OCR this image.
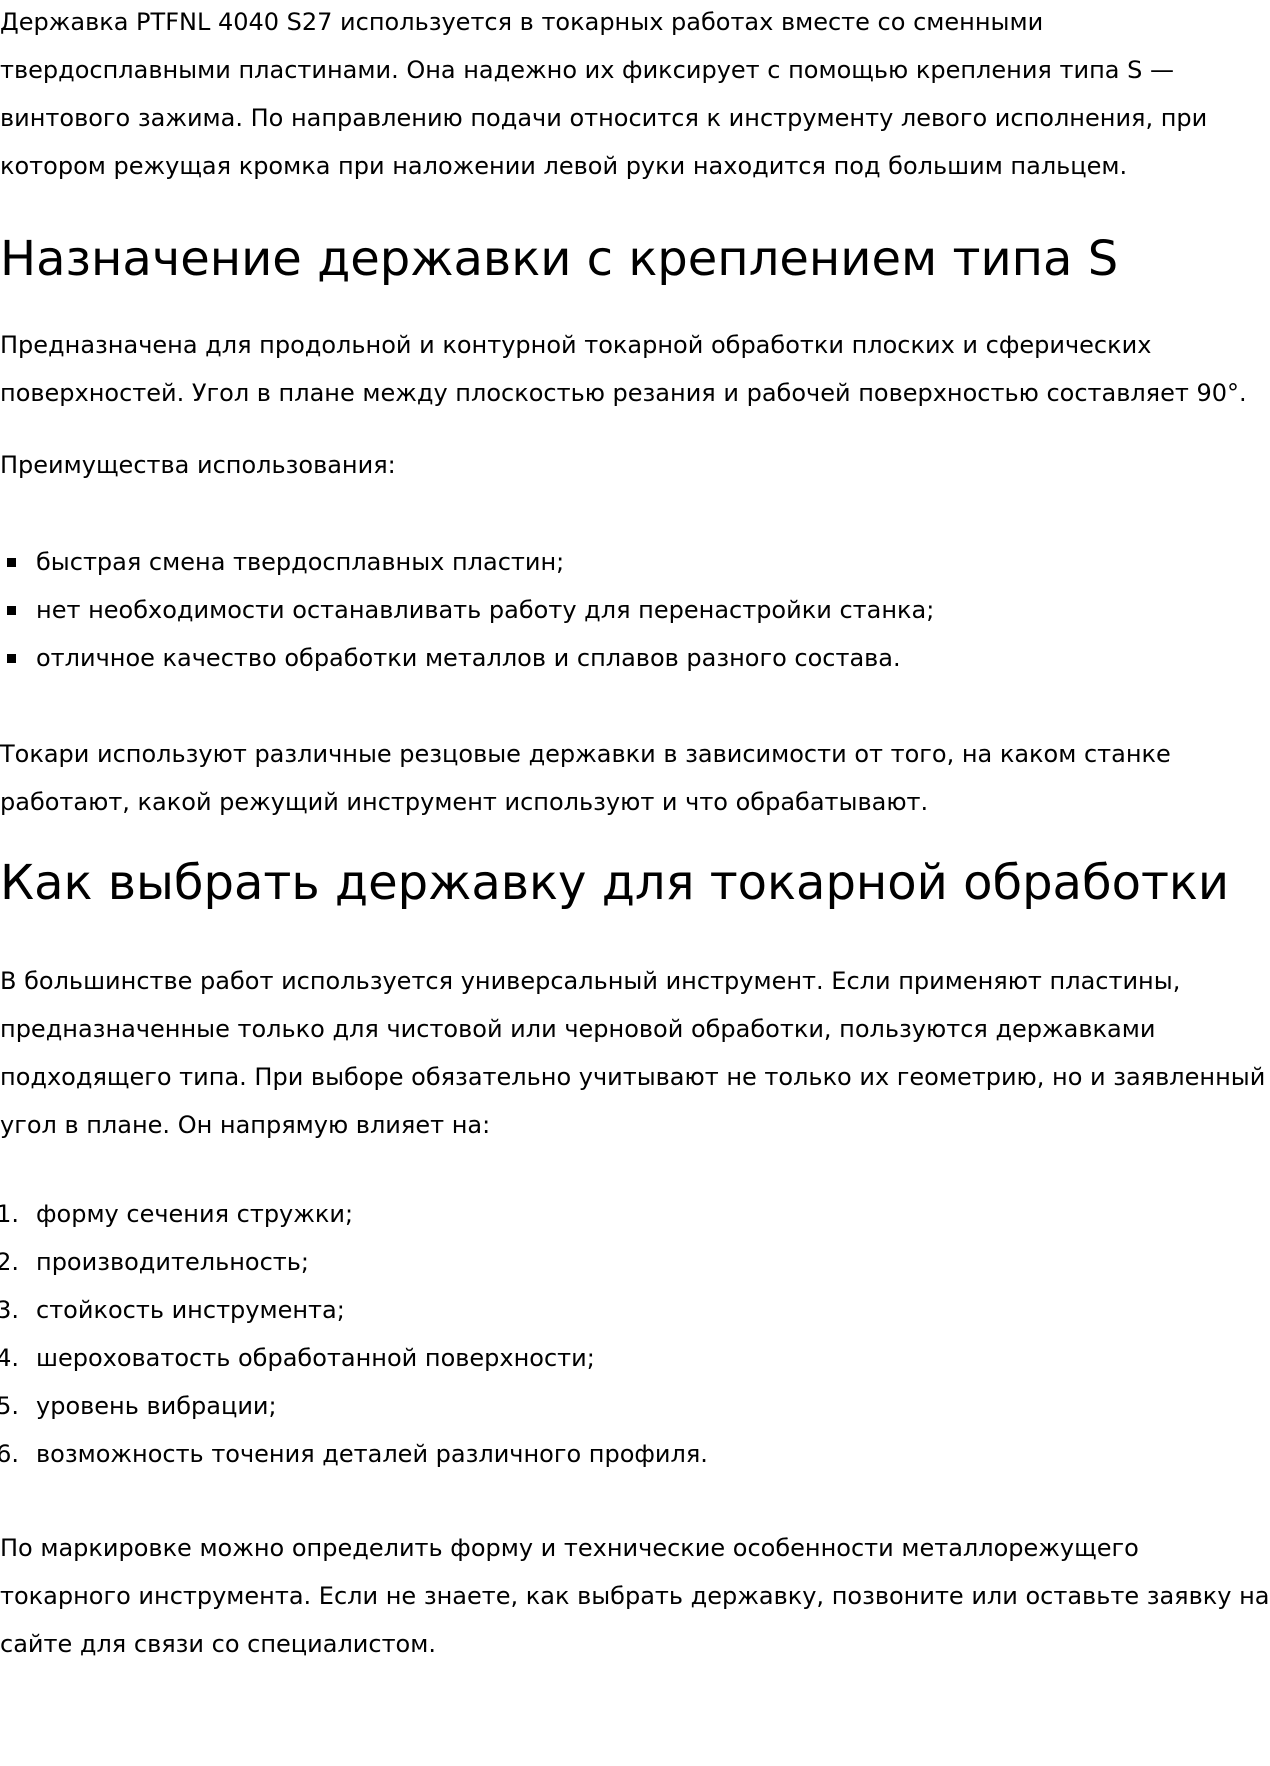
Державка PTFNL 4040 S27 используется в токарных работах вместе со сменными твердосплавными пластинами. Она надежно их фиксирует с помощью крепления типа S — винтового зажима. По направлению подачи относится к инструменту левого исполнения, при котором режущая кромка при наложении левой руки находится под большим пальцем.

Назначение державки с креплением типа S

Предназначена для продольной и контурной токарной обработки плоских и сферических поверхностей. Угол в плане между плоскостью резания и рабочей поверхностью составляет 90°.

Преимущества использования:

быстрая смена твердосплавных пластин;
нет необходимости останавливать работу для перенастройки станка;
отличное качество обработки металлов и сплавов разного состава.

Токари используют различные резцовые державки в зависимости от того, на каком станке работают, какой режущий инструмент используют и что обрабатывают.

Как выбрать державку для токарной обработки

В большинстве работ используется универсальный инструмент. Если применяют пластины, предназначенные только для чистовой или черновой обработки, пользуются державками подходящего типа. При выборе обязательно учитывают не только их геометрию, но и заявленный угол в плане. Он напрямую влияет на:

форму сечения стружки;
производительность;
стойкость инструмента;
шероховатость обработанной поверхности;
уровень вибрации;
возможность точения деталей различного профиля.

По маркировке можно определить форму и технические особенности металлорежущего токарного инструмента. Если не знаете, как выбрать державку, позвоните или оставьте заявку на сайте для связи со специалистом.
